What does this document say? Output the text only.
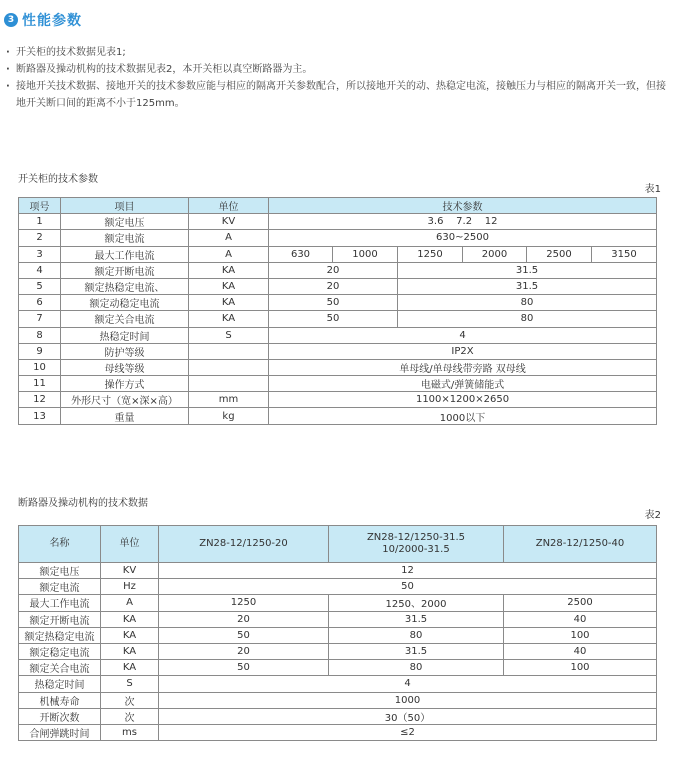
3 性能参数
· 开关柜的技术数据见表1;
· 断路器及操动机构的技术数据见表2，本开关柜以真空断路器为主。
· 接地开关技术数据、接地开关的技术参数应能与相应的隔离开关参数配合，所以接地开关的动、热稳定电流，接触压力与相应的隔离开关一致，但接地开关断口间的距离不小于125mm。
开关柜的技术参数
表1
项号	项目	单位	技术参数					
1	额定电压	KV	3.6    7.2    12					
2	额定电流	A	630~2500					
3	最大工作电流	A	630	1000	1250	2000	2500	3150
4	额定开断电流	KA	20		31.5			
5	额定热稳定电流、	KA	20		31.5			
6	额定动稳定电流	KA	50		80			
7	额定关合电流	KA	50		80			
8	热稳定时间	S	4					
9	防护等级		IP2X					
10	母线等级		单母线/单母线带旁路 双母线					
11	操作方式		电磁式/弹簧储能式					
12	外形尺寸（宽×深×高）	mm	1100×1200×2650					
13	重量	kg	1000以下					
断路器及操动机构的技术数据
表2
名称	单位	ZN28-12/1250-20	ZN28-12/1250-31.5
10/2000-31.5	ZN28-12/1250-40
额定电压	KV	12		
额定电流	Hz	50		
最大工作电流	A	1250	1250、2000	2500
额定开断电流	KA	20	31.5	40
额定热稳定电流	KA	50	80	100
额定稳定电流	KA	20	31.5	40
额定关合电流	KA	50	80	100
热稳定时间	S	4		
机械寿命	次	1000		
开断次数	次	30（50）		
合闸弹跳时间	ms	≤2		
